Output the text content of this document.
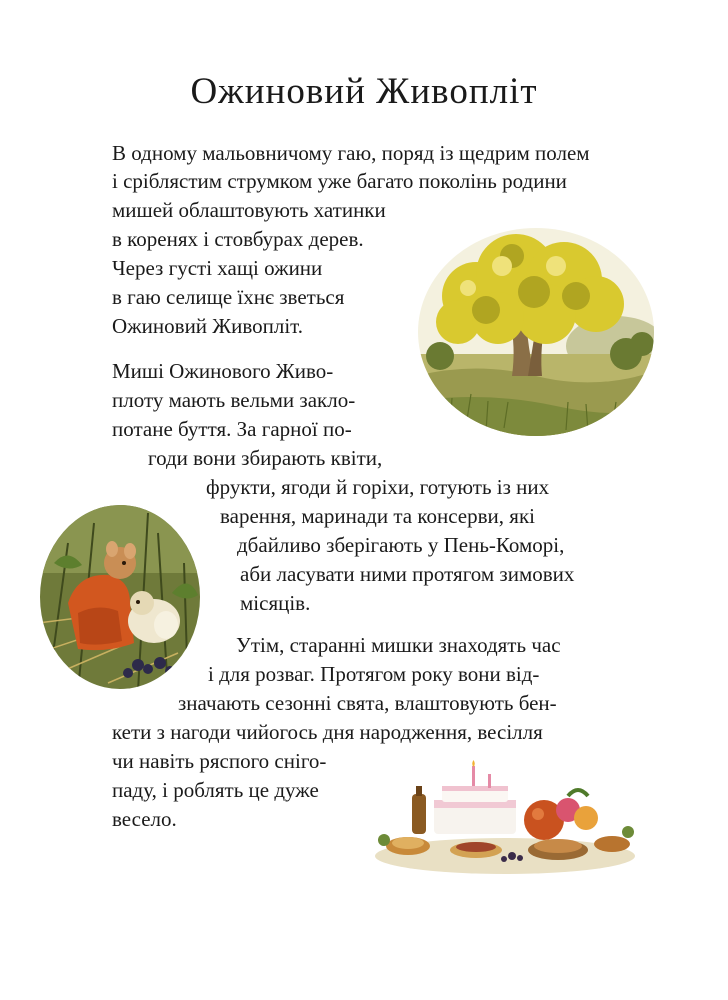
Ожиновий Живопліт
В одному мальовничому гаю, поряд із щедрим полем
і сріблястим струмком уже багато поколінь родини
мишей облаштовують хатинки
в коренях і стовбурах дерев.
Через густі хащі ожини
в гаю селище їхнє зветься
Ожиновий Живопліт.
Миші Ожинового Живо-
плоту мають вельми закло-
потане буття. За гарної по-
годи вони збирають квіти,
фрукти, ягоди й горіхи, готують із них
варення, маринади та консерви, які
дбайливо зберігають у Пень-Коморі,
аби ласувати ними протягом зимових
місяців.
Утім, старанні мишки знаходять час
і для розваг. Протягом року вони від-
значають сезонні свята, влаштовують бен-
кети з нагоди чийогось дня народження, весілля
чи навіть ряспого сніго-
паду, і роблять це дуже
весело.
